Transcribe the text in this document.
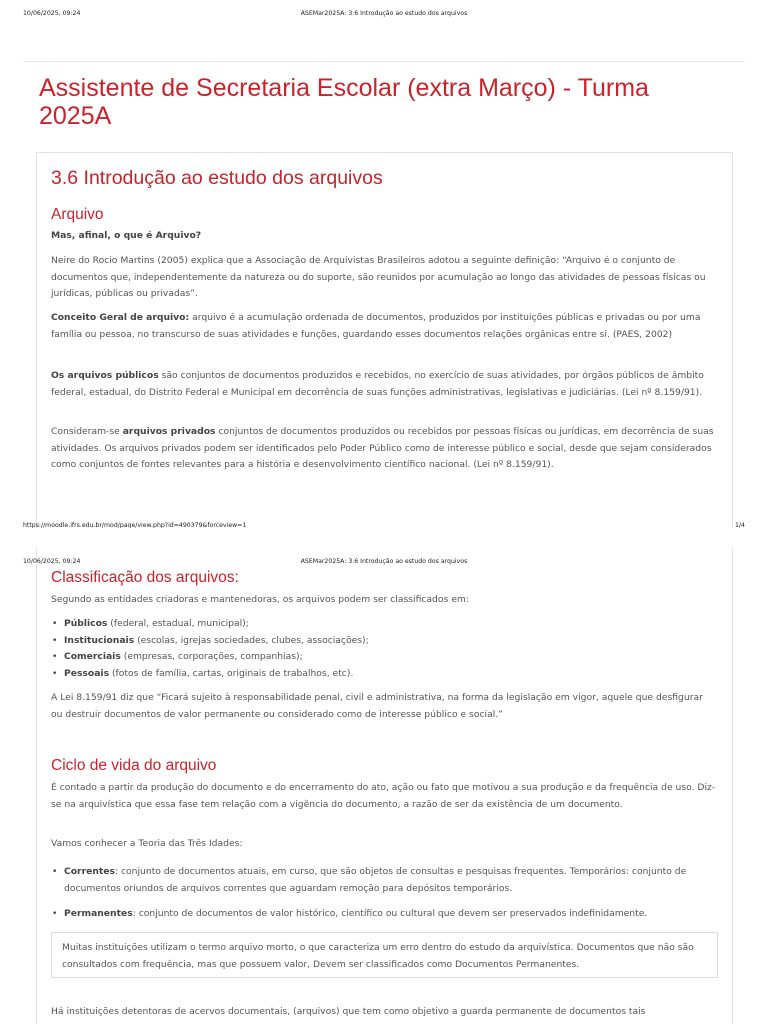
10/06/2025, 09:24	ASEMar2025A: 3.6 Introdução ao estudo dos arquivos
Assistente de Secretaria Escolar (extra Março) - Turma 2025A
3.6 Introdução ao estudo dos arquivos
Arquivo

Mas, afinal, o que é Arquivo?

Neire do Rocio Martins (2005) explica que a Associação de Arquivistas Brasileiros adotou a seguinte definição: “Arquivo é o conjunto de documentos que, independentemente da natureza ou do suporte, são reunidos por acumulação ao longo das atividades de pessoas físicas ou jurídicas, públicas ou privadas”.

Conceito Geral de arquivo: arquivo é a acumulação ordenada de documentos, produzidos por instituições públicas e privadas ou por uma família ou pessoa, no transcurso de suas atividades e funções, guardando esses documentos relações orgânicas entre si. (PAES, 2002)

Os arquivos públicos são conjuntos de documentos produzidos e recebidos, no exercício de suas atividades, por órgãos públicos de âmbito federal, estadual, do Distrito Federal e Municipal em decorrência de suas funções administrativas, legislativas e judiciárias. (Lei nº 8.159/91).

Consideram-se arquivos privados conjuntos de documentos produzidos ou recebidos por pessoas físicas ou jurídicas, em decorrência de suas atividades. Os arquivos privados podem ser identificados pelo Poder Público como de interesse público e social, desde que sejam considerados como conjuntos de fontes relevantes para a história e desenvolvimento científico nacional. (Lei nº 8.159/91).

https://moodle.ifrs.edu.br/mod/page/view.php?id=490379&forceview=1	1/4
10/06/2025, 09:24	ASEMar2025A: 3.6 Introdução ao estudo dos arquivos
Classificação dos arquivos:

Segundo as entidades criadoras e mantenedoras, os arquivos podem ser classificados em:

• Públicos (federal, estadual, municipal);
• Institucionais (escolas, igrejas sociedades, clubes, associações);
• Comerciais (empresas, corporações, companhias);
• Pessoais (fotos de família, cartas, originais de trabalhos, etc).

A Lei 8.159/91 diz que “Ficará sujeito à responsabilidade penal, civil e administrativa, na forma da legislação em vigor, aquele que desfigurar ou destruir documentos de valor permanente ou considerado como de interesse público e social.”

Ciclo de vida do arquivo

É contado a partir da produção do documento e do encerramento do ato, ação ou fato que motivou a sua produção e da frequência de uso. Diz-se na arquivística que essa fase tem relação com a vigência do documento, a razão de ser da existência de um documento.

Vamos conhecer a Teoria das Três Idades:

• Correntes: conjunto de documentos atuais, em curso, que são objetos de consultas e pesquisas frequentes. Temporários: conjunto de documentos oriundos de arquivos correntes que aguardam remoção para depósitos temporários.
• Permanentes: conjunto de documentos de valor histórico, científico ou cultural que devem ser preservados indefinidamente.
Muitas instituições utilizam o termo arquivo morto, o que caracteriza um erro dentro do estudo da arquivística. Documentos que não são consultados com frequência, mas que possuem valor, Devem ser classificados como Documentos Permanentes.

Há instituições detentoras de acervos documentais, (arquivos) que tem como objetivo a guarda permanente de documentos tais
